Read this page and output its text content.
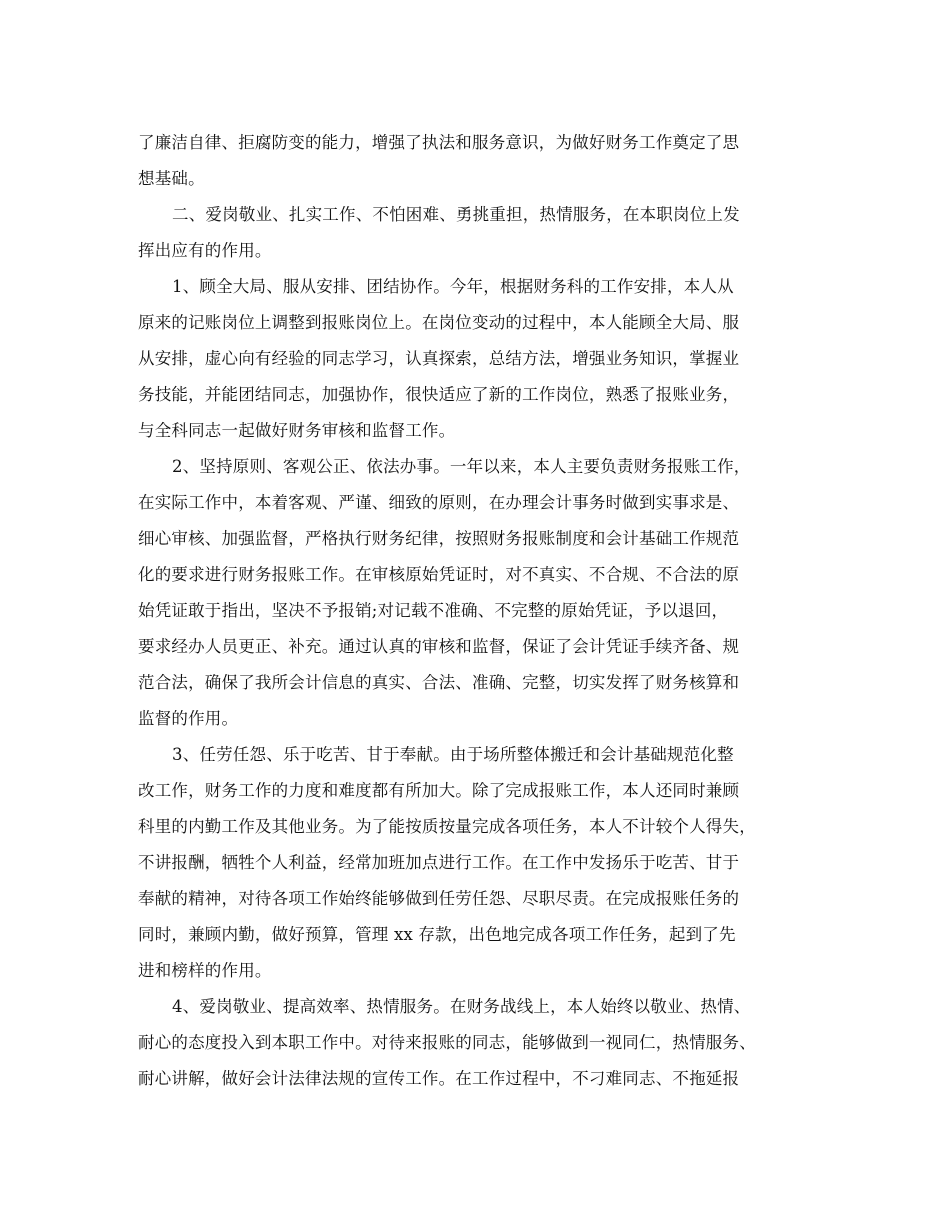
了廉洁自律、拒腐防变的能力，增强了执法和服务意识，为做好财务工作奠定了思
想基础。
二、爱岗敬业、扎实工作、不怕困难、勇挑重担，热情服务，在本职岗位上发
挥出应有的作用。
1、顾全大局、服从安排、团结协作。今年，根据财务科的工作安排，本人从
原来的记账岗位上调整到报账岗位上。在岗位变动的过程中，本人能顾全大局、服
从安排，虚心向有经验的同志学习，认真探索，总结方法，增强业务知识，掌握业
务技能，并能团结同志，加强协作，很快适应了新的工作岗位，熟悉了报账业务，
与全科同志一起做好财务审核和监督工作。
2、坚持原则、客观公正、依法办事。一年以来，本人主要负责财务报账工作，
在实际工作中，本着客观、严谨、细致的原则，在办理会计事务时做到实事求是、
细心审核、加强监督，严格执行财务纪律，按照财务报账制度和会计基础工作规范
化的要求进行财务报账工作。在审核原始凭证时，对不真实、不合规、不合法的原
始凭证敢于指出，坚决不予报销;对记载不准确、不完整的原始凭证，予以退回，
要求经办人员更正、补充。通过认真的审核和监督，保证了会计凭证手续齐备、规
范合法，确保了我所会计信息的真实、合法、准确、完整，切实发挥了财务核算和
监督的作用。
3、任劳任怨、乐于吃苦、甘于奉献。由于场所整体搬迁和会计基础规范化整
改工作，财务工作的力度和难度都有所加大。除了完成报账工作，本人还同时兼顾
科里的内勤工作及其他业务。为了能按质按量完成各项任务，本人不计较个人得失，
不讲报酬，牺牲个人利益，经常加班加点进行工作。在工作中发扬乐于吃苦、甘于
奉献的精神，对待各项工作始终能够做到任劳任怨、尽职尽责。在完成报账任务的
同时，兼顾内勤，做好预算，管理 xx 存款，出色地完成各项工作任务，起到了先
进和榜样的作用。
4、爱岗敬业、提高效率、热情服务。在财务战线上，本人始终以敬业、热情、
耐心的态度投入到本职工作中。对待来报账的同志，能够做到一视同仁，热情服务、
耐心讲解，做好会计法律法规的宣传工作。在工作过程中，不刁难同志、不拖延报
